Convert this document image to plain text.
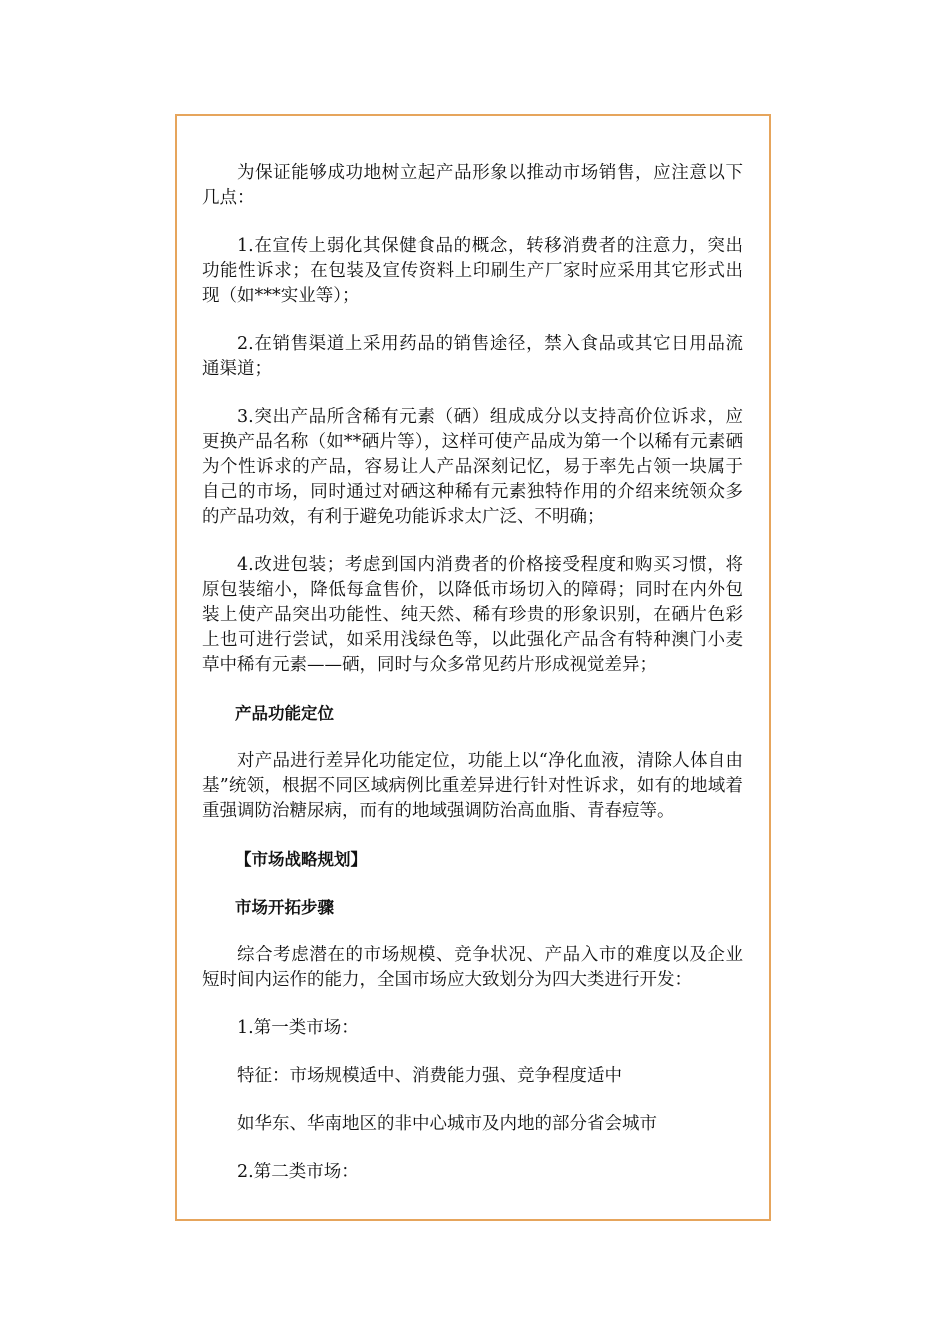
为保证能够成功地树立起产品形象以推动市场销售，应注意以下几点：

1.在宣传上弱化其保健食品的概念，转移消费者的注意力，突出功能性诉求；在包装及宣传资料上印刷生产厂家时应采用其它形式出现（如***实业等）；

2.在销售渠道上采用药品的销售途径，禁入食品或其它日用品流通渠道；

3.突出产品所含稀有元素（硒）组成成分以支持高价位诉求，应更换产品名称（如**硒片等），这样可使产品成为第一个以稀有元素硒为个性诉求的产品，容易让人产品深刻记忆，易于率先占领一块属于自己的市场，同时通过对硒这种稀有元素独特作用的介绍来统领众多的产品功效，有利于避免功能诉求太广泛、不明确；

4.改进包装；考虑到国内消费者的价格接受程度和购买习惯，将原包装缩小，降低每盒售价，以降低市场切入的障碍；同时在内外包装上使产品突出功能性、纯天然、稀有珍贵的形象识别，在硒片色彩上也可进行尝试，如采用浅绿色等，以此强化产品含有特种澳门小麦草中稀有元素——硒，同时与众多常见药片形成视觉差异；

产品功能定位

对产品进行差异化功能定位，功能上以“净化血液，清除人体自由基”统领，根据不同区域病例比重差异进行针对性诉求，如有的地域着重强调防治糖尿病，而有的地域强调防治高血脂、青春痘等。

【市场战略规划】

市场开拓步骤

综合考虑潜在的市场规模、竞争状况、产品入市的难度以及企业短时间内运作的能力，全国市场应大致划分为四大类进行开发：

1.第一类市场：

特征：市场规模适中、消费能力强、竞争程度适中

如华东、华南地区的非中心城市及内地的部分省会城市

2.第二类市场：
